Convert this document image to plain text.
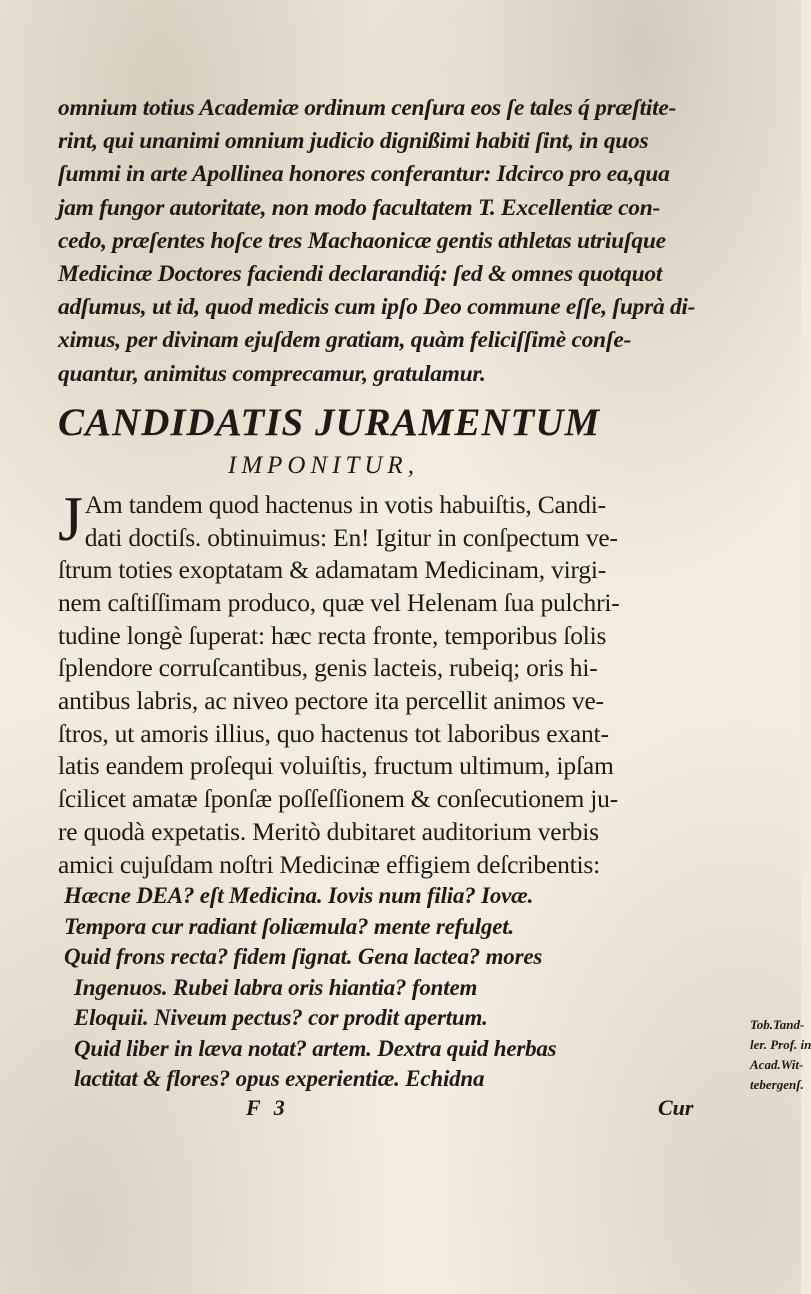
omnium totius Academiæ ordinum cenſura eos ſe tales q́ præſtite-
rint, qui unanimi omnium judicio dignißimi habiti ſint, in quos
ſummi in arte Apollinea honores conferantur: Idcirco pro ea,qua
jam fungor autoritate, non modo facultatem T. Excellentiæ con-
cedo, præſentes hoſce tres Machaonicæ gentis athletas utriuſque
Medicinæ Doctores faciendi declarandiq́: ſed & omnes quotquot
adſumus, ut id, quod medicis cum ipſo Deo commune eſſe, ſuprà di-
ximus, per divinam ejuſdem gratiam, quàm feliciſſimè conſe-
quantur, animitus comprecamur, gratulamur.
CANDIDATIS JURAMENTUM
IMPONITUR,
J Am tandem quod hactenus in votis habuiſtis, Candi-
dati doctiſs. obtinuimus: En! Igitur in conſpectum ve-
ſtrum toties exoptatam & adamatam Medicinam, virgi-
nem caſtiſſimam produco, quæ vel Helenam ſua pulchri-
tudine longè ſuperat: hæc recta fronte, temporibus ſolis
ſplendore corruſcantibus, genis lacteis, rubeiq; oris hi-
antibus labris, ac niveo pectore ita percellit animos ve-
ſtros, ut amoris illius, quo hactenus tot laboribus exant-
latis eandem proſequi voluiſtis, fructum ultimum, ipſam
ſcilicet amatæ ſponſæ poſſeſſionem & conſecutionem ju-
re quodà expetatis. Meritò dubitaret auditorium verbis
amici cujuſdam noſtri Medicinæ effigiem deſcribentis:
Hæcne DEA? eſt Medicina. Iovis num filia? Iovæ.
Tempora cur radiant ſoliæmula? mente refulget.
Quid frons recta? fidem ſignat. Gena lactea? mores
Ingenuos. Rubei labra oris hiantia? fontem
Eloquii. Niveum pectus? cor prodit apertum.
Quid liber in læva notat? artem. Dextra quid herbas
lactitat & flores? opus experientiæ. Echidna
F 3	Cur
Tob.Tand-
ler. Prof. in
Acad.Wit-
tebergenſ.
